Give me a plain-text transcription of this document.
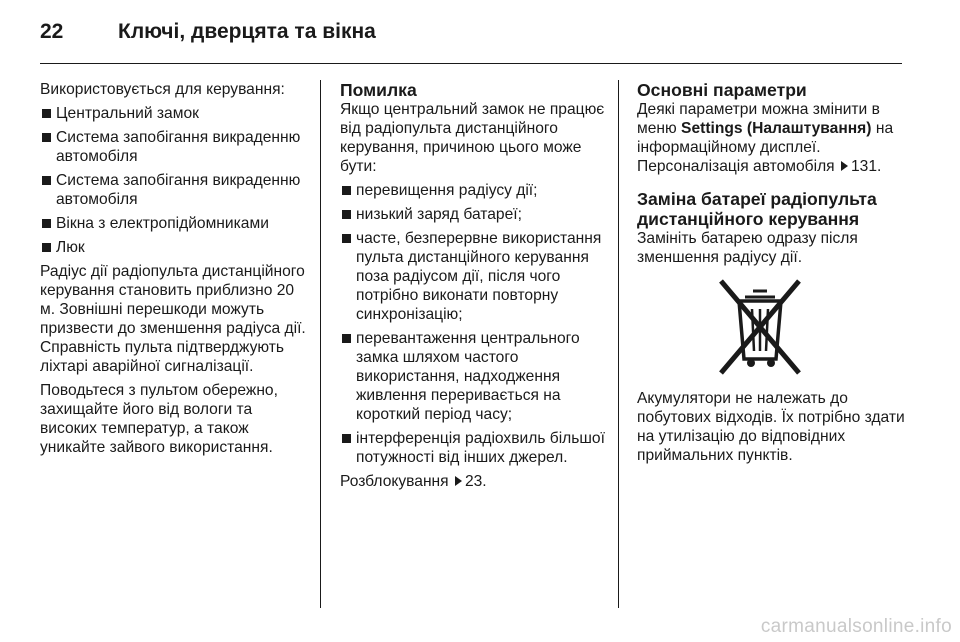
22	Ключі, дверцята та вікна

Використовується для керування:

Центральний замок
Система запобігання викраденню автомобіля
Система запобігання викраденню автомобіля
Вікна з електропідйомниками
Люк

Радіус дії радіопульта дистанційного керування становить приблизно 20 м. Зовнішні перешкоди можуть призвести до зменшення радіуса дії. Справність пульта підтверджують ліхтарі аварійної сигналізації.

Поводьтеся з пультом обережно, захищайте його від вологи та високих температур, а також уникайте зайвого використання.

Помилка

Якщо центральний замок не працює від радіопульта дистанційного керування, причиною цього може бути:

перевищення радіусу дії;
низький заряд батареї;
часте, безперервне використання пульта дистанційного керування поза радіусом дії, після чого потрібно виконати повторну синхронізацію;
перевантаження центрального замка шляхом частого використання, надходження живлення переривається на короткий період часу;
інтерференція радіохвиль більшої потужності від інших джерел.

Розблокування 23.

Основні параметри

Деякі параметри можна змінити в меню Settings (Налаштування) на інформаційному дисплеї. Персоналізація автомобіля 131.

Заміна батареї радіопульта дистанційного керування

Замініть батарею одразу після зменшення радіусу дії.

Акумулятори не належать до побутових відходів. Їх потрібно здати на утилізацію до відповідних приймальних пунктів.

carmanualsonline.info
